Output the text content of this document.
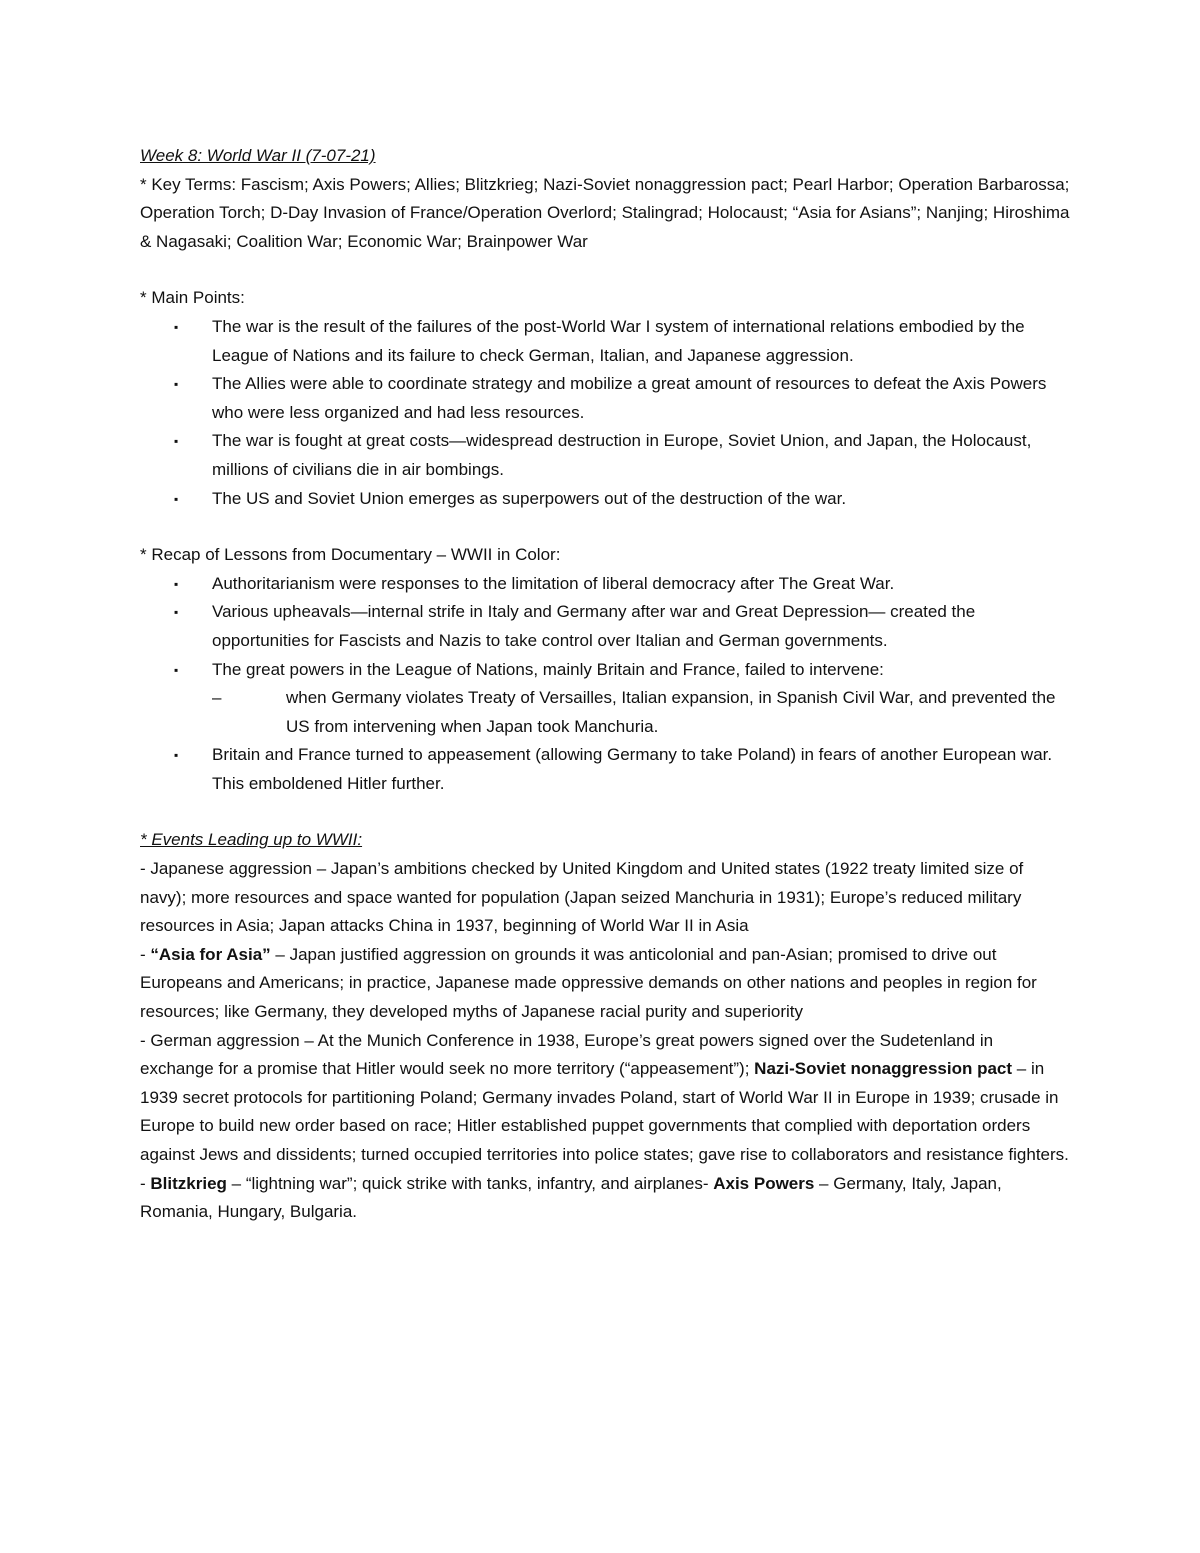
Week 8: World War II (7-07-21)

* Key Terms: Fascism; Axis Powers; Allies; Blitzkrieg; Nazi-Soviet nonaggression pact; Pearl Harbor; Operation Barbarossa; Operation Torch; D-Day Invasion of France/Operation Overlord; Stalingrad; Holocaust; “Asia for Asians”; Nanjing; Hiroshima & Nagasaki; Coalition War; Economic War; Brainpower War

* Main Points:

▪ The war is the result of the failures of the post-World War I system of international relations embodied by the League of Nations and its failure to check German, Italian, and Japanese aggression.
▪ The Allies were able to coordinate strategy and mobilize a great amount of resources to defeat the Axis Powers who were less organized and had less resources.
▪ The war is fought at great costs—widespread destruction in Europe, Soviet Union, and Japan, the Holocaust, millions of civilians die in air bombings.
▪ The US and Soviet Union emerges as superpowers out of the destruction of the war.

* Recap of Lessons from Documentary – WWII in Color:

▪ Authoritarianism were responses to the limitation of liberal democracy after The Great War.
▪ Various upheavals—internal strife in Italy and Germany after war and Great Depression— created the opportunities for Fascists and Nazis to take control over Italian and German governments.
▪ The great powers in the League of Nations, mainly Britain and France, failed to intervene:
– when Germany violates Treaty of Versailles, Italian expansion, in Spanish Civil War, and prevented the US from intervening when Japan took Manchuria.
▪ Britain and France turned to appeasement (allowing Germany to take Poland) in fears of another European war. This emboldened Hitler further.

* Events Leading up to WWII:

- Japanese aggression – Japan’s ambitions checked by United Kingdom and United states (1922 treaty limited size of navy); more resources and space wanted for population (Japan seized Manchuria in 1931); Europe’s reduced military resources in Asia; Japan attacks China in 1937, beginning of World War II in Asia

- “Asia for Asia” – Japan justified aggression on grounds it was anticolonial and pan-Asian; promised to drive out Europeans and Americans; in practice, Japanese made oppressive demands on other nations and peoples in region for resources; like Germany, they developed myths of Japanese racial purity and superiority

- German aggression – At the Munich Conference in 1938, Europe’s great powers signed over the Sudetenland in exchange for a promise that Hitler would seek no more territory (“appeasement”); Nazi-Soviet nonaggression pact – in 1939 secret protocols for partitioning Poland; Germany invades Poland, start of World War II in Europe in 1939; crusade in Europe to build new order based on race; Hitler established puppet governments that complied with deportation orders against Jews and dissidents; turned occupied territories into police states; gave rise to collaborators and resistance fighters.

- Blitzkrieg – “lightning war”; quick strike with tanks, infantry, and airplanes- Axis Powers – Germany, Italy, Japan, Romania, Hungary, Bulgaria.
